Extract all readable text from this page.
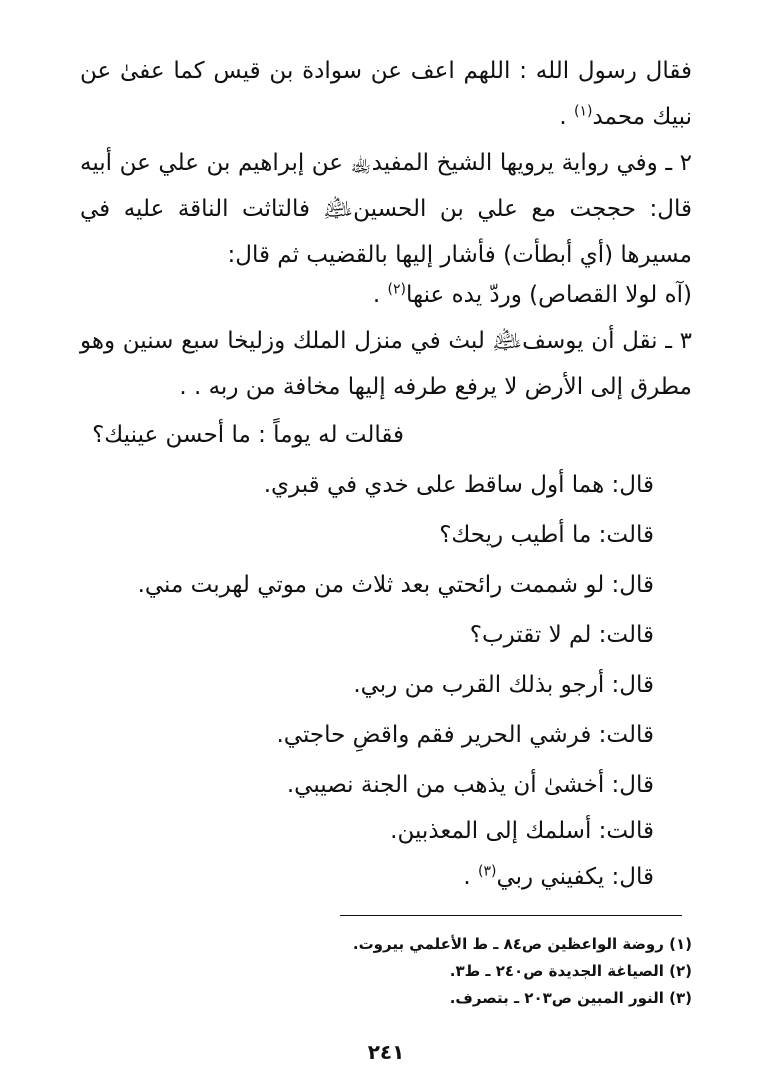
فقال رسول الله : اللهم اعف عن سوادة بن قيس كما عفىٰ عن نبيك محمد$^{(١)}$ .
٢ ـ وفي رواية يرويها الشيخ المفيد﵀ عن إبراهيم بن علي عن أبيه قال: حججت مع علي بن الحسين﵇ فالتاثت الناقة عليه في مسيرها (أي أبطأت) فأشار إليها بالقضيب ثم قال:
(آه لولا القصاص) وردّ يده عنها$^{(٢)}$ .
٣ ـ نقل أن يوسف﵇ لبث في منزل الملك وزليخا سبع سنين وهو مطرق إلى الأرض لا يرفع طرفه إليها مخافة من ربه . .
فقالت له يوماً : ما أحسن عينيك؟
قال: هما أول ساقط على خدي في قبري.
قالت: ما أطيب ريحك؟
قال: لو شممت رائحتي بعد ثلاث من موتي لهربت مني.
قالت: لم لا تقترب؟
قال: أرجو بذلك القرب من ربي.
قالت: فرشي الحرير فقم واقضِ حاجتي.
قال: أخشىٰ أن يذهب من الجنة نصيبي.
قالت: أسلمك إلى المعذبين.
قال: يكفيني ربي$^{(٣)}$ .
(١) روضة الواعظين ص٨٤ ـ ط الأعلمي بيروت.
(٢) الصياغة الجديدة ص٢٤٠ ـ ط٣.
(٣) النور المبين ص٢٠٣ ـ بتصرف.
٢٤١
